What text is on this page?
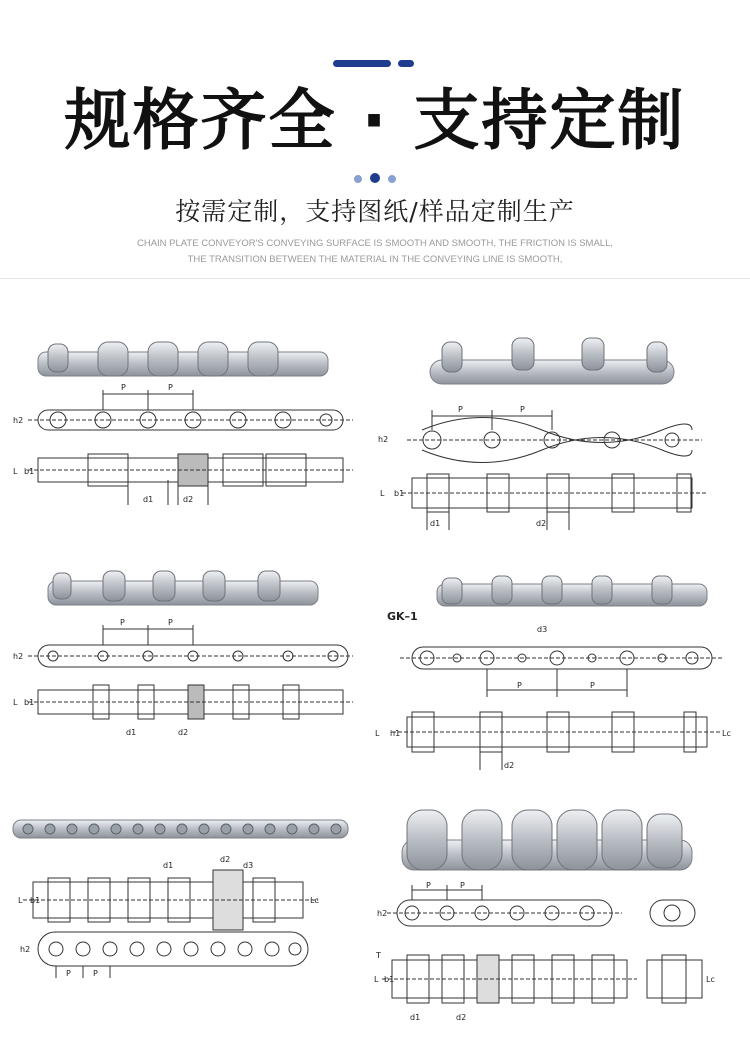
规格齐全 · 支持定制
按需定制，支持图纸/样品定制生产
CHAIN PLATE CONVEYOR'S CONVEYING SURFACE IS SMOOTH AND SMOOTH, THE FRICTION IS SMALL,
THE TRANSITION BETWEEN THE MATERIAL IN THE CONVEYING LINE IS SMOOTH,
P	P
h2
L b1
d1	d2
P	P
h2
L b1
d1	d2
P	P
h2
L b1
d1	d2
GK–1
P	P
d3
L h1	Lc
d2
d1
d2
d3
L b1	Lc
P	P
h2
P	P
h2
L b1
T
Lc
d1	d2
